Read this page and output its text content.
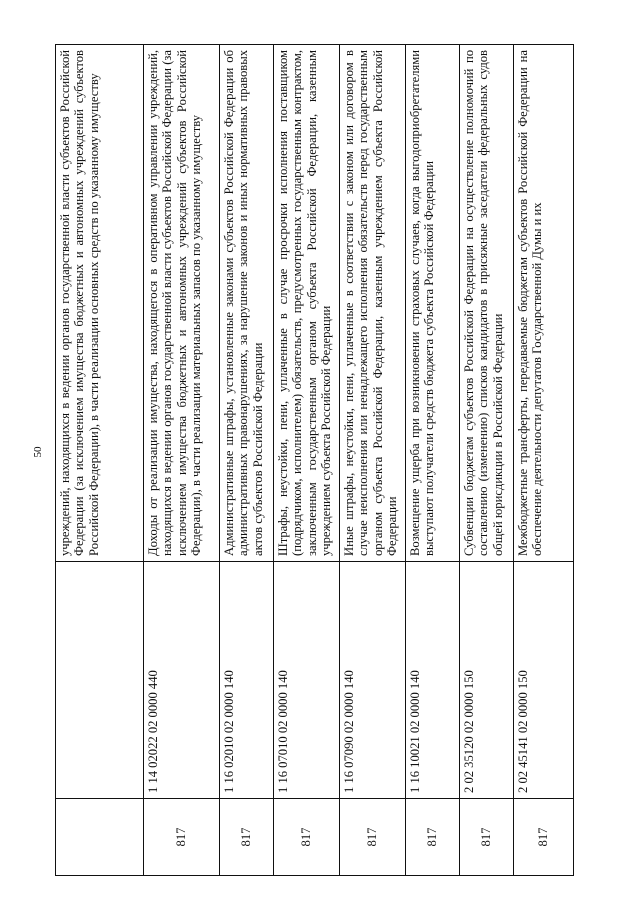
50
		учреждений, находящихся в ведении органов государственной власти субъектов Российской Федерации (за исключением имущества бюджетных и автономных учреждений субъектов Российской Федерации), в части реализации основных средств по указанному имуществу
817	1 14 02022 02 0000 440	Доходы от реализации имущества, находящегося в оперативном управлении учреждений, находящихся в ведении органов государственной власти субъектов Российской Федерации (за исключением имущества бюджетных и автономных учреждений субъектов Российской Федерации), в части реализации материальных запасов по указанному имуществу
817	1 16 02010 02 0000 140	Административные штрафы, установленные законами субъектов Российской Федерации об административных правонарушениях, за нарушение законов и иных нормативных правовых актов субъектов Российской Федерации
817	1 16 07010 02 0000 140	Штрафы, неустойки, пени, уплаченные в случае просрочки исполнения поставщиком (подрядчиком, исполнителем) обязательств, предусмотренных государственным контрактом, заключенным государственным органом субъекта Российской Федерации, казенным учреждением субъекта Российской Федерации
817	1 16 07090 02 0000 140	Иные штрафы, неустойки, пени, уплаченные в соответствии с законом или договором в случае неисполнения или ненадлежащего исполнения обязательств перед государственным органом субъекта Российской Федерации, казенным учреждением субъекта Российской Федерации
817	1 16 10021 02 0000 140	Возмещение ущерба при возникновении страховых случаев, когда выгодоприобретателями выступают получатели средств бюджета субъекта Российской Федерации
817	2 02 35120 02 0000 150	Субвенции бюджетам субъектов Российской Федерации на осуществление полномочий по составлению (изменению) списков кандидатов в присяжные заседатели федеральных судов общей юрисдикции в Российской Федерации
817	2 02 45141 02 0000 150	Межбюджетные трансферты, передаваемые бюджетам субъектов Российской Федерации на обеспечение деятельности депутатов Государственной Думы и их
